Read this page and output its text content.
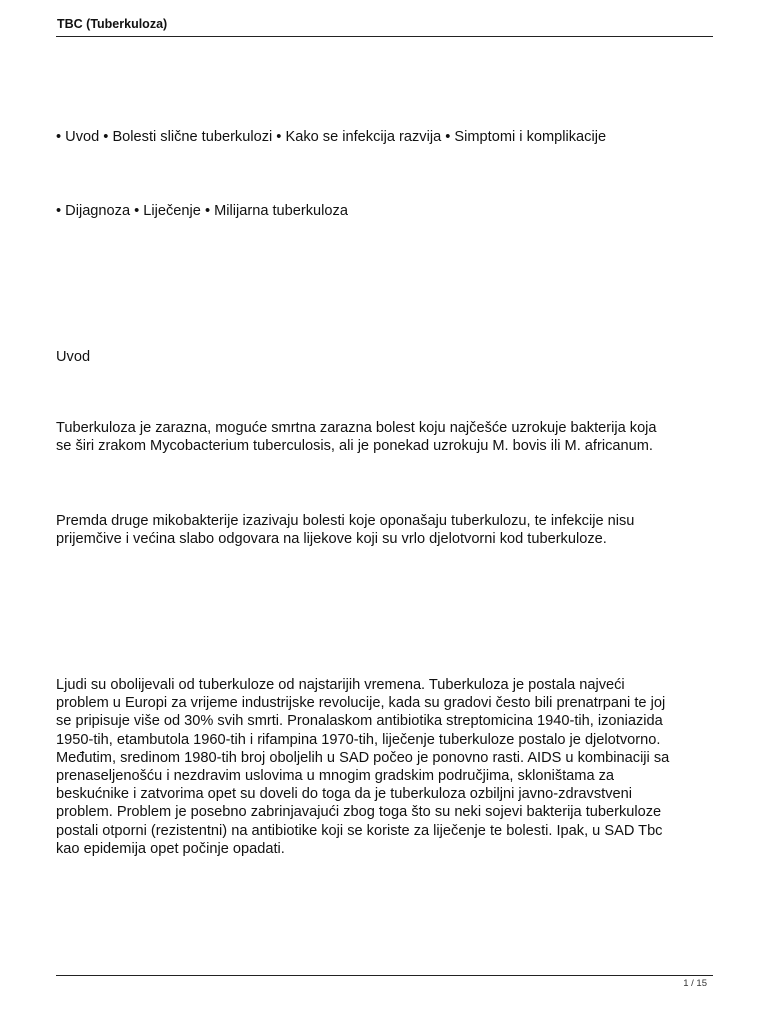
TBC (Tuberkuloza)
• Uvod • Bolesti slične tuberkulozi • Kako se infekcija razvija • Simptomi i komplikacije
• Dijagnoza • Liječenje • Milijarna tuberkuloza
Uvod
Tuberkuloza je zarazna, moguće smrtna zarazna bolest koju najčešće uzrokuje bakterija koja
se širi zrakom Mycobacterium tuberculosis, ali je ponekad uzrokuju M. bovis ili M. africanum.
Premda druge mikobakterije izazivaju bolesti koje oponašaju tuberkulozu, te infekcije nisu
prijemčive i većina slabo odgovara na lijekove koji su vrlo djelotvorni kod tuberkuloze.
Ljudi su obolijevali od tuberkuloze od najstarijih vremena. Tuberkuloza je postala najveći
problem u Europi za vrijeme industrijske revolucije, kada su gradovi često bili prenatrpani te joj
se pripisuje više od 30% svih smrti. Pronalaskom antibiotika streptomicina 1940-tih, izoniazida
1950-tih, etambutola 1960-tih i rifampina 1970-tih, liječenje tuberkuloze postalo je djelotvorno.
Međutim, sredinom 1980-tih broj oboljelih u SAD počeo je ponovno rasti. AIDS u kombinaciji sa
prenaseljenošću i nezdravim uslovima u mnogim gradskim područjima, skloništama za
beskućnike i zatvorima opet su doveli do toga da je tuberkuloza ozbiljni javno-zdravstveni
problem. Problem je posebno zabrinjavajući zbog toga što su neki sojevi bakterija tuberkuloze
postali otporni (rezistentni) na antibiotike koji se koriste za liječenje te bolesti. Ipak, u SAD Tbc
kao epidemija opet počinje opadati.
1 / 15
